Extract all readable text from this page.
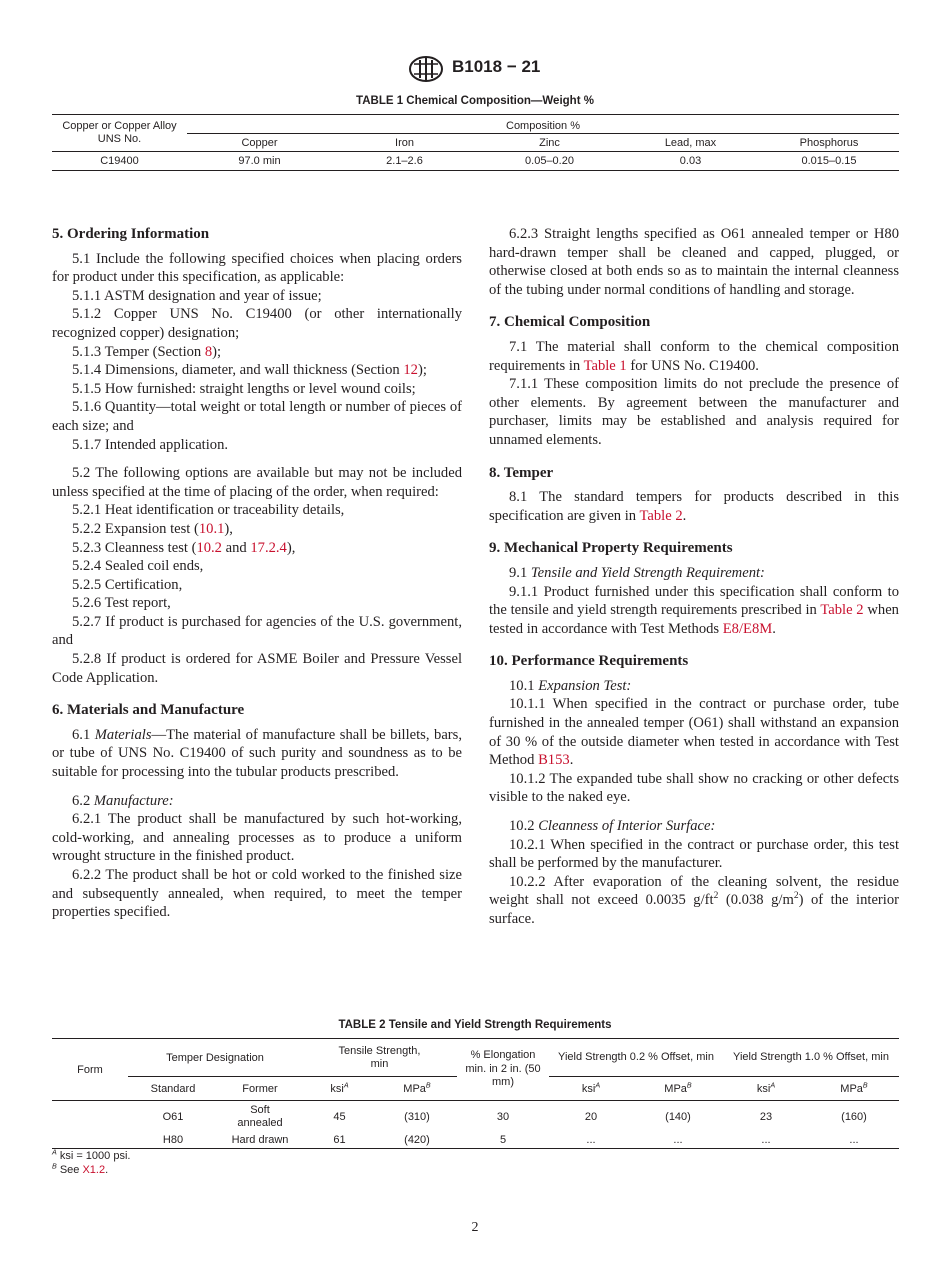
B1018 − 21
TABLE 1 Chemical Composition—Weight %
Copper or Copper Alloy
UNS No.	Composition %				
	Copper	Iron	Zinc	Lead, max	Phosphorus
C19400	97.0 min	2.1–2.6	0.05–0.20	0.03	0.015–0.15
5. Ordering Information

5.1 Include the following specified choices when placing orders for product under this specification, as applicable:

5.1.1 ASTM designation and year of issue;

5.1.2 Copper UNS No. C19400 (or other internationally recognized copper) designation;

5.1.3 Temper (Section 8);

5.1.4 Dimensions, diameter, and wall thickness (Section 12);

5.1.5 How furnished: straight lengths or level wound coils;

5.1.6 Quantity—total weight or total length or number of pieces of each size; and

5.1.7 Intended application.

5.2 The following options are available but may not be included unless specified at the time of placing of the order, when required:

5.2.1 Heat identification or traceability details,

5.2.2 Expansion test (10.1),

5.2.3 Cleanness test (10.2 and 17.2.4),

5.2.4 Sealed coil ends,

5.2.5 Certification,

5.2.6 Test report,

5.2.7 If product is purchased for agencies of the U.S. government, and

5.2.8 If product is ordered for ASME Boiler and Pressure Vessel Code Application.

6. Materials and Manufacture

6.1 Materials—The material of manufacture shall be billets, bars, or tube of UNS No. C19400 of such purity and soundness as to be suitable for processing into the tubular products prescribed.

6.2 Manufacture:

6.2.1 The product shall be manufactured by such hot-working, cold-working, and annealing processes as to produce a uniform wrought structure in the finished product.

6.2.2 The product shall be hot or cold worked to the finished size and subsequently annealed, when required, to meet the temper properties specified.

6.2.3 Straight lengths specified as O61 annealed temper or H80 hard-drawn temper shall be cleaned and capped, plugged, or otherwise closed at both ends so as to maintain the internal cleanness of the tubing under normal conditions of handling and storage.

7. Chemical Composition

7.1 The material shall conform to the chemical composition requirements in Table 1 for UNS No. C19400.

7.1.1 These composition limits do not preclude the presence of other elements. By agreement between the manufacturer and purchaser, limits may be established and analysis required for unnamed elements.

8. Temper

8.1 The standard tempers for products described in this specification are given in Table 2.

9. Mechanical Property Requirements

9.1 Tensile and Yield Strength Requirement:

9.1.1 Product furnished under this specification shall conform to the tensile and yield strength requirements prescribed in Table 2 when tested in accordance with Test Methods E8/E8M.

10. Performance Requirements

10.1 Expansion Test:

10.1.1 When specified in the contract or purchase order, tube furnished in the annealed temper (O61) shall withstand an expansion of 30 % of the outside diameter when tested in accordance with Test Method B153.

10.1.2 The expanded tube shall show no cracking or other defects visible to the naked eye.

10.2 Cleanness of Interior Surface:

10.2.1 When specified in the contract or purchase order, this test shall be performed by the manufacturer.

10.2.2 After evaporation of the cleaning solvent, the residue weight shall not exceed 0.0035 $g/ft^2$ (0.038 $g/m^2$) of the interior surface.

TABLE 2 Tensile and Yield Strength Requirements
Form	Temper Designation		Tensile Strength, min		% Elongation min. in 2 in. (50 mm)	Yield Strength 0.2 % Offset, min		Yield Strength 1.0 % Offset, min	
	Standard	Former	ksi$^A$	MPa$^B$		ksi$^A$	MPa$^B$	ksi$^A$	MPa$^B$
	O61	Soft annealed	45	(310)	30	20	(140)	23	(160)
	H80	Hard drawn	61	(420)	5	...	...	...	...
$^A$ ksi = 1000 psi.
$^B$ See X1.2.
2
